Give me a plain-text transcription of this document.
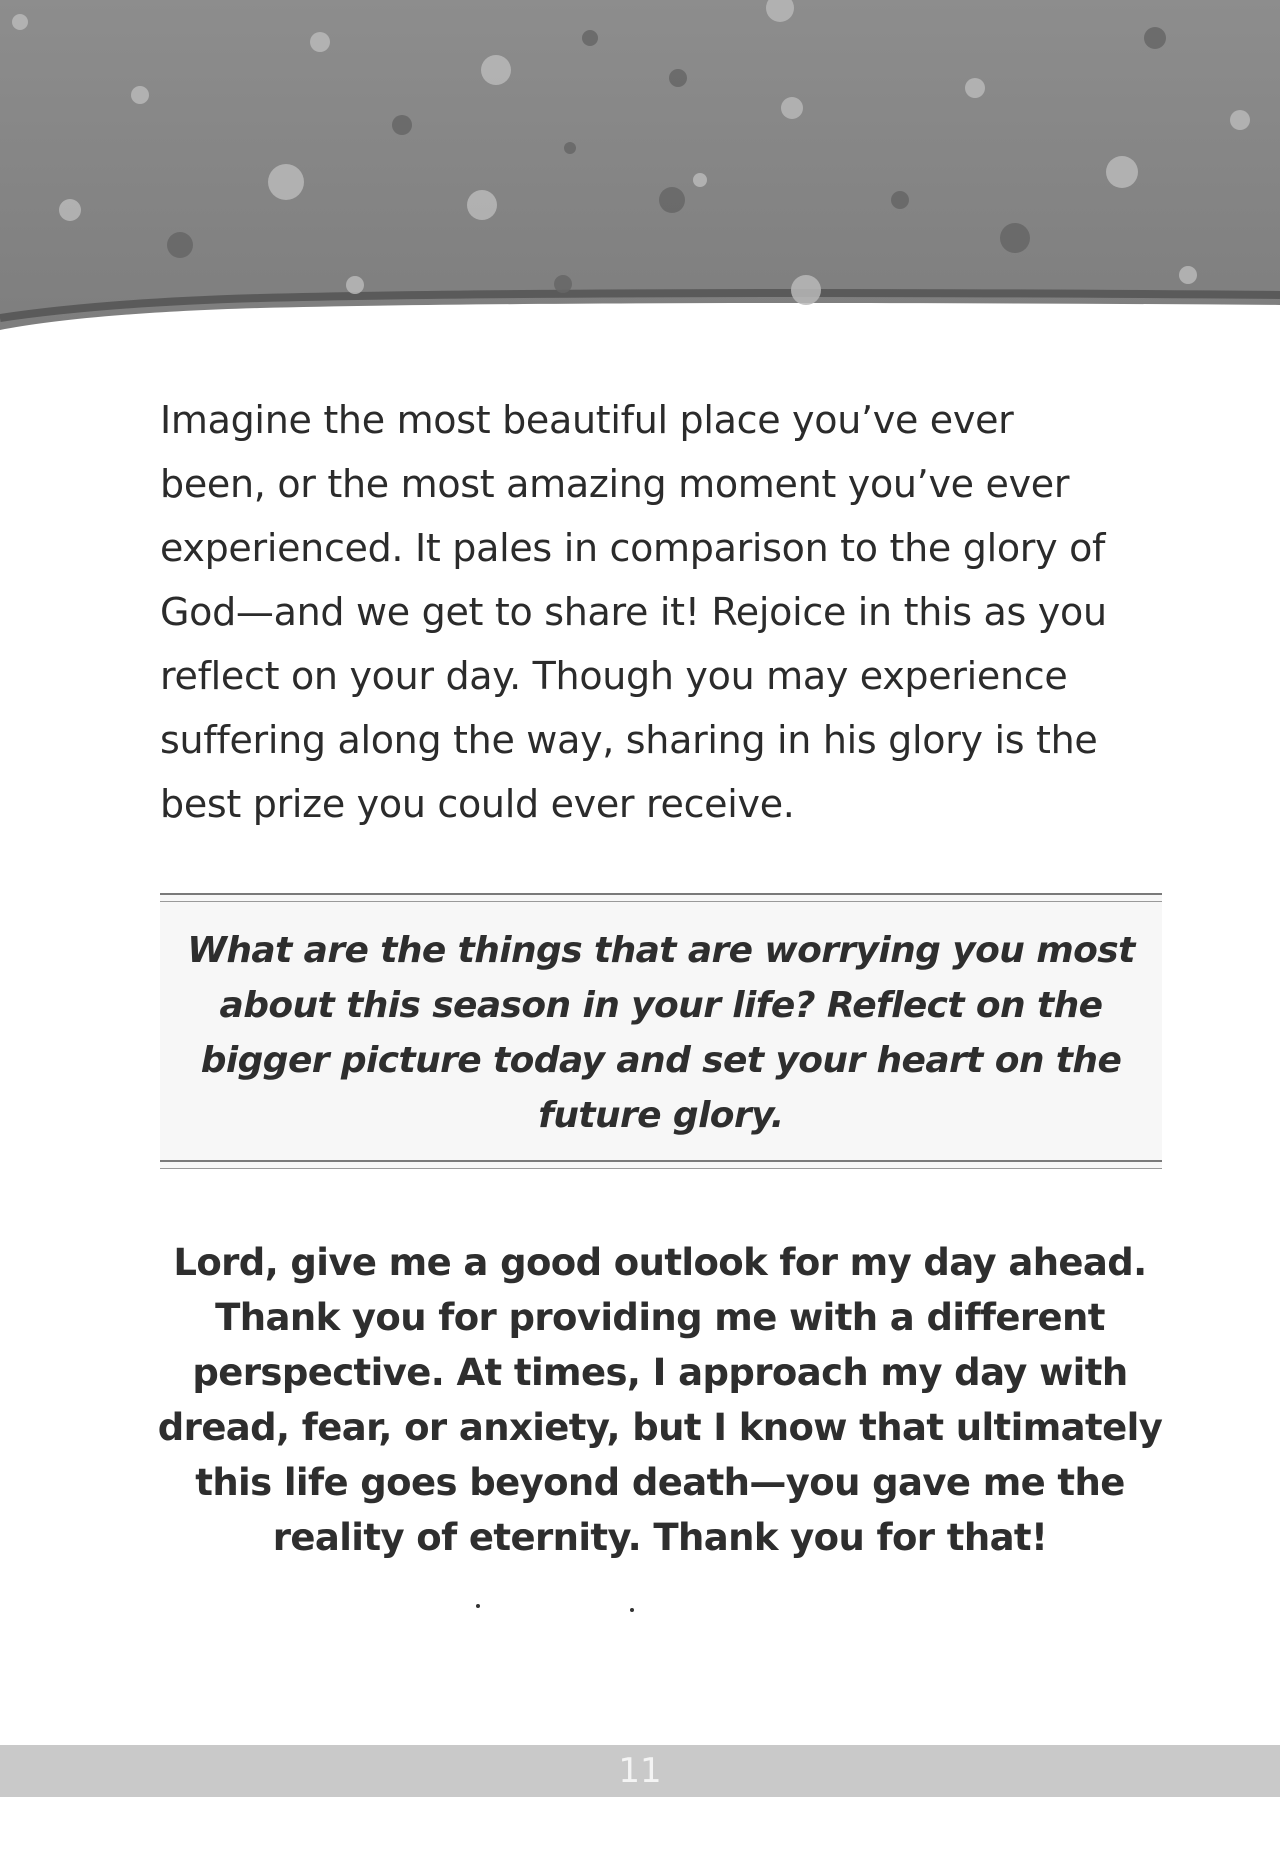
Imagine the most beautiful place you’ve ever
been, or the most amazing moment you’ve ever
experienced. It pales in comparison to the glory of
God—and we get to share it! Rejoice in this as you
reflect on your day. Though you may experience
suffering along the way, sharing in his glory is the
best prize you could ever receive.

What are the things that are worrying you most
about this season in your life? Reflect on the
bigger picture today and set your heart on the
future glory.

Lord, give me a good outlook for my day ahead.
Thank you for providing me with a different
perspective. At times, I approach my day with
dread, fear, or anxiety, but I know that ultimately
this life goes beyond death—you gave me the
reality of eternity. Thank you for that!

11
